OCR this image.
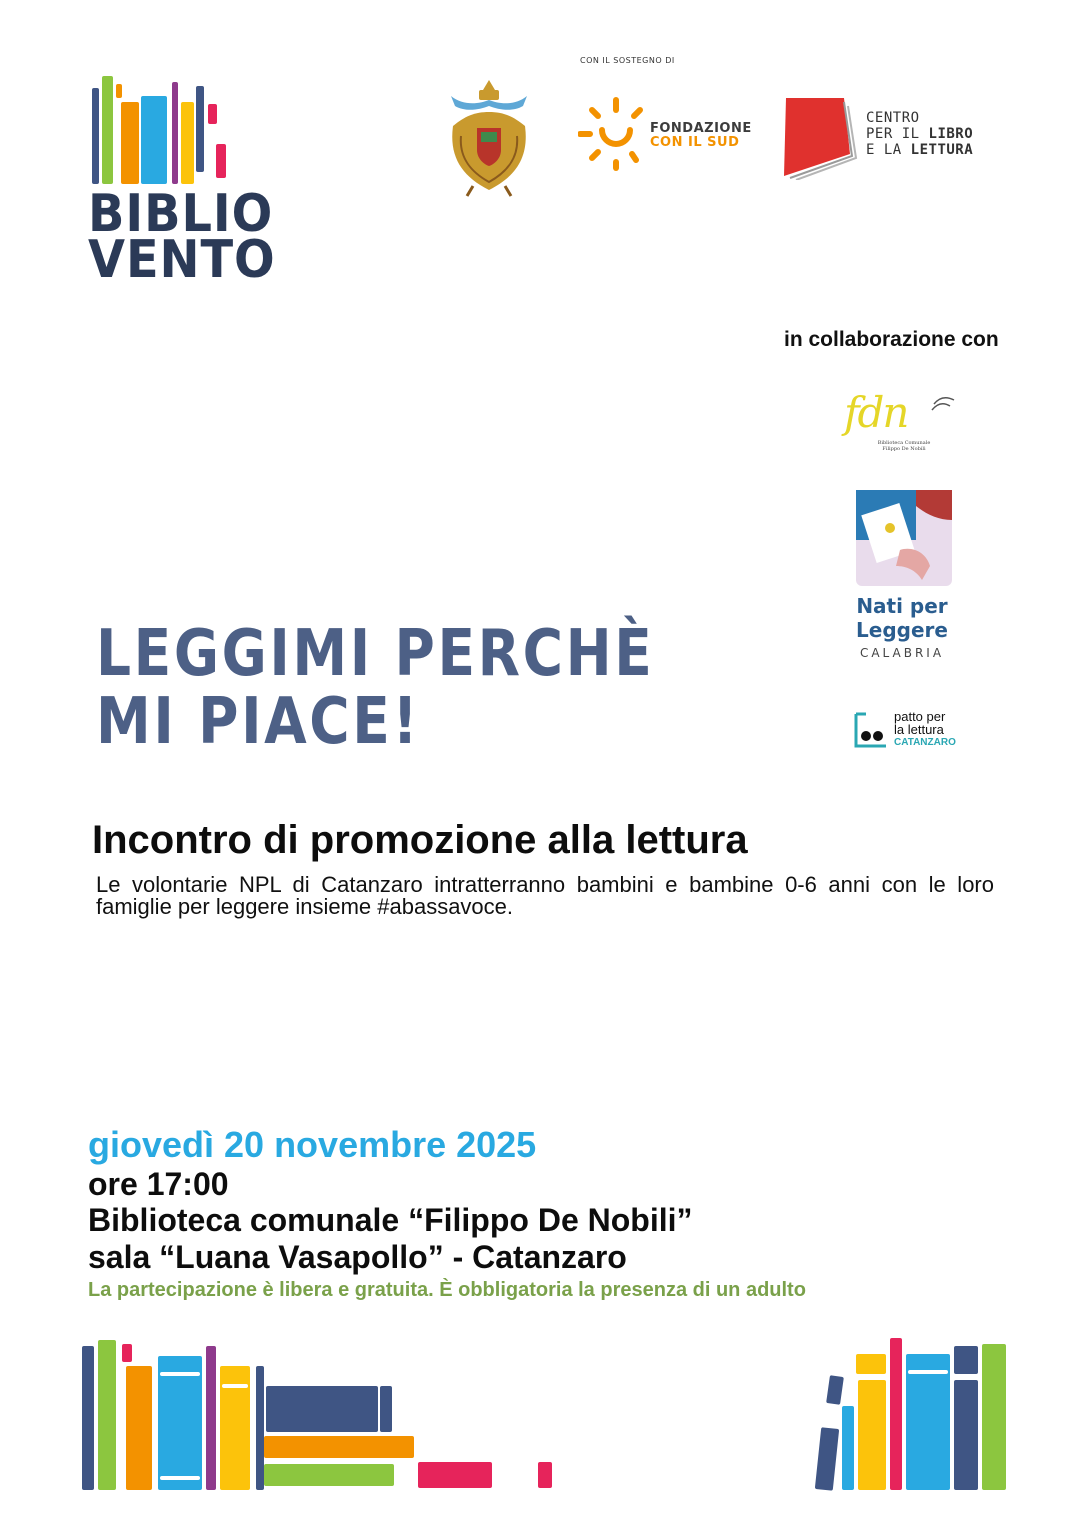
BIBLIO
VENTO
CON IL SOSTEGNO DI
FONDAZIONE
CON IL SUD
CENTRO
PER IL LIBRO
E LA LETTURA
in collaborazione con
fdn
Biblioteca Comunale
Filippo De Nobili
Nati per
Leggere
CALABRIA
patto per
la lettura
CATANZARO
LEGGIMI PERCHÈ
MI PIACE!
Incontro di promozione alla lettura
Le volontarie NPL di Catanzaro intratterranno bambini e bambine 0-6 anni con le loro famiglie per leggere insieme #abassavoce.
giovedì 20 novembre 2025
ore 17:00
Biblioteca comunale “Filippo De Nobili”
sala “Luana Vasapollo” - Catanzaro
La partecipazione è libera e gratuita. È obbligatoria la presenza di un adulto
